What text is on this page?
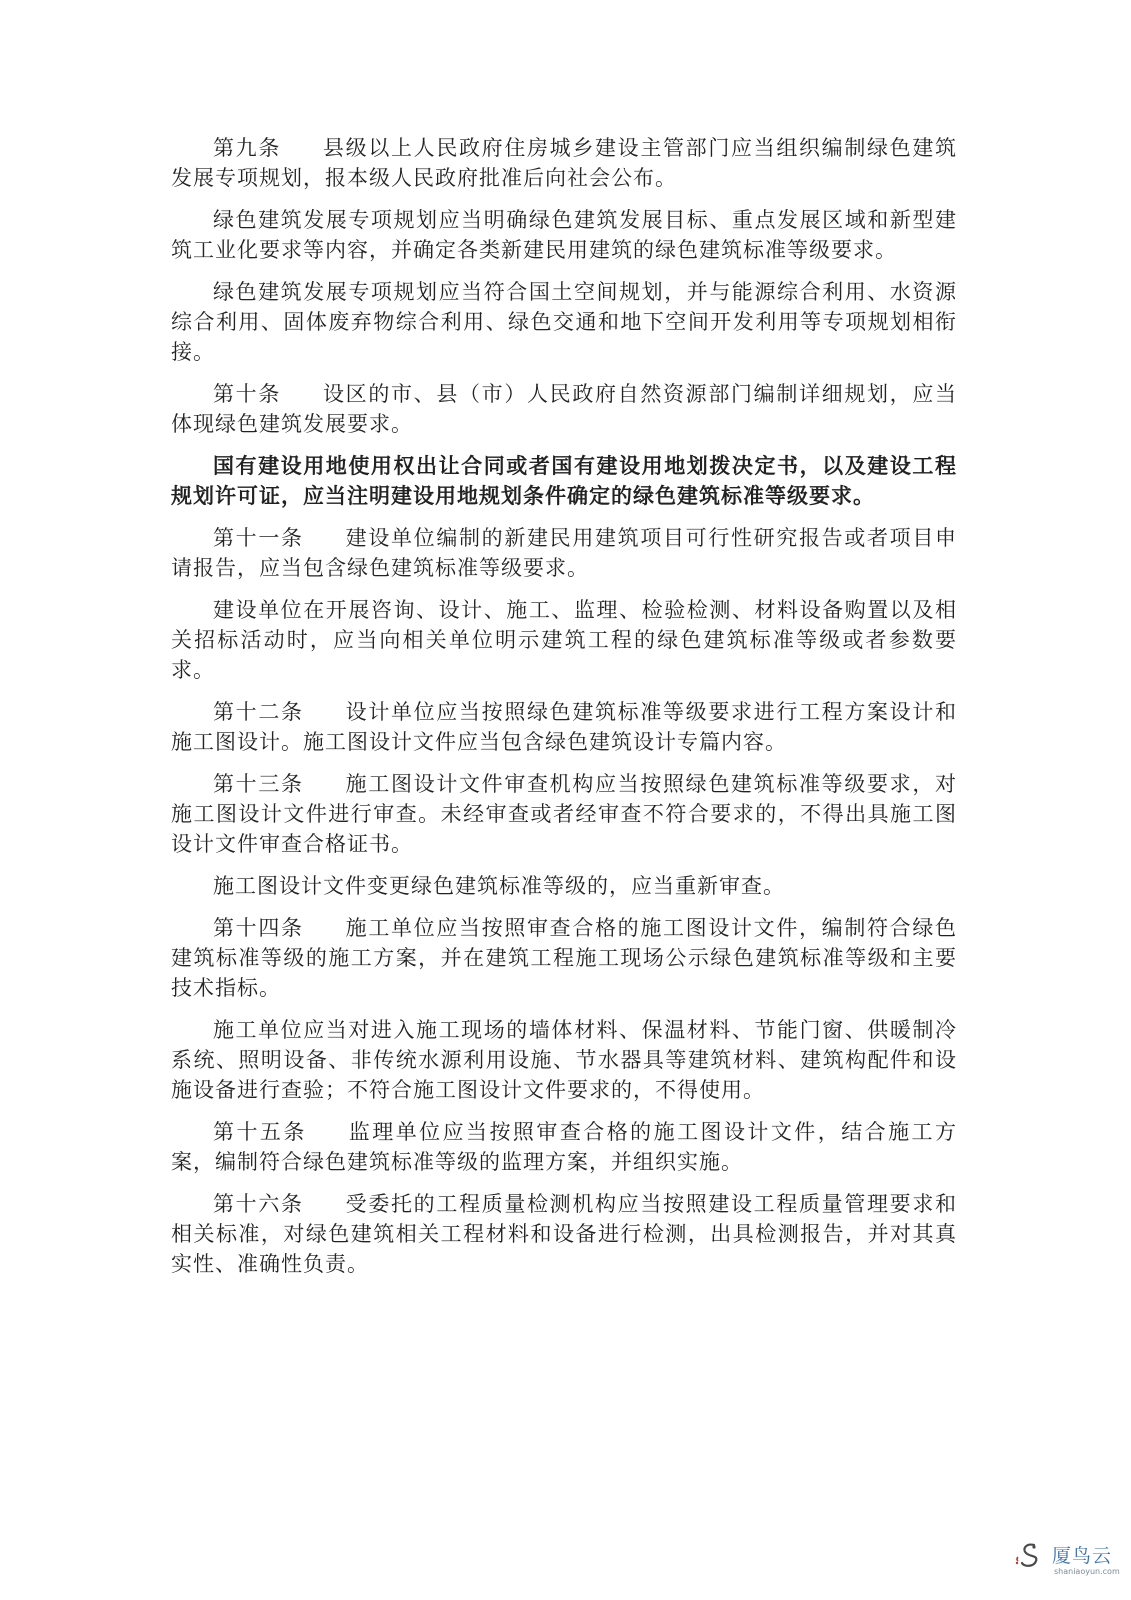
第九条 县级以上人民政府住房城乡建设主管部门应当组织编制绿色建筑发展专项规划，报本级人民政府批准后向社会公布。

绿色建筑发展专项规划应当明确绿色建筑发展目标、重点发展区域和新型建筑工业化要求等内容，并确定各类新建民用建筑的绿色建筑标准等级要求。

绿色建筑发展专项规划应当符合国土空间规划，并与能源综合利用、水资源综合利用、固体废弃物综合利用、绿色交通和地下空间开发利用等专项规划相衔接。

第十条 设区的市、县（市）人民政府自然资源部门编制详细规划，应当体现绿色建筑发展要求。

国有建设用地使用权出让合同或者国有建设用地划拨决定书，以及建设工程规划许可证，应当注明建设用地规划条件确定的绿色建筑标准等级要求。

第十一条 建设单位编制的新建民用建筑项目可行性研究报告或者项目申请报告，应当包含绿色建筑标准等级要求。

建设单位在开展咨询、设计、施工、监理、检验检测、材料设备购置以及相关招标活动时，应当向相关单位明示建筑工程的绿色建筑标准等级或者参数要求。

第十二条 设计单位应当按照绿色建筑标准等级要求进行工程方案设计和施工图设计。施工图设计文件应当包含绿色建筑设计专篇内容。

第十三条 施工图设计文件审查机构应当按照绿色建筑标准等级要求，对施工图设计文件进行审查。未经审查或者经审查不符合要求的，不得出具施工图设计文件审查合格证书。

施工图设计文件变更绿色建筑标准等级的，应当重新审查。

第十四条 施工单位应当按照审查合格的施工图设计文件，编制符合绿色建筑标准等级的施工方案，并在建筑工程施工现场公示绿色建筑标准等级和主要技术指标。

施工单位应当对进入施工现场的墙体材料、保温材料、节能门窗、供暖制冷系统、照明设备、非传统水源利用设施、节水器具等建筑材料、建筑构配件和设施设备进行查验；不符合施工图设计文件要求的，不得使用。

第十五条 监理单位应当按照审查合格的施工图设计文件，结合施工方案，编制符合绿色建筑标准等级的监理方案，并组织实施。

第十六条 受委托的工程质量检测机构应当按照建设工程质量管理要求和相关标准，对绿色建筑相关工程材料和设备进行检测，出具检测报告，并对其真实性、准确性负责。

厦鸟云
shaniaoyun.com
